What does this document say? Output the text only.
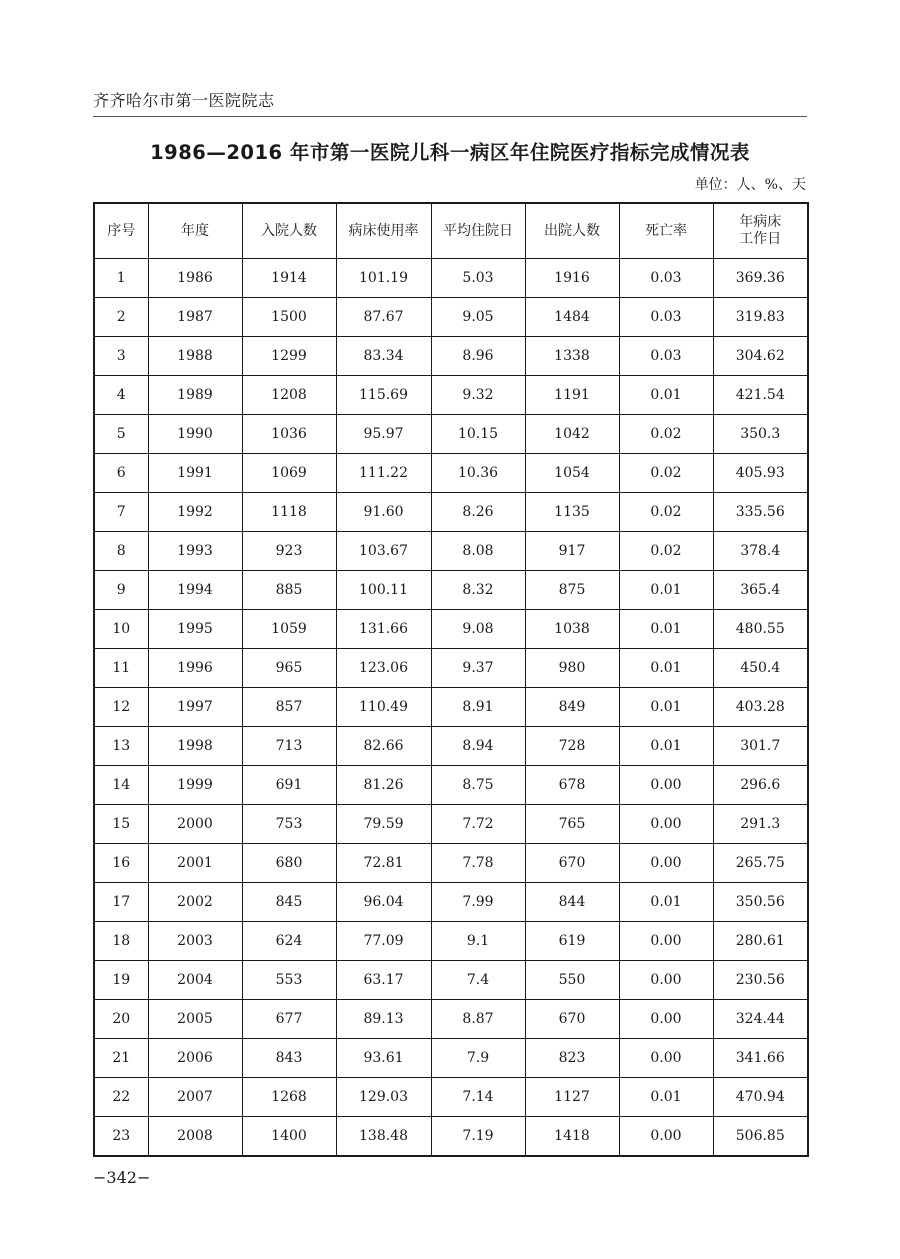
齐齐哈尔市第一医院院志
1986—2016 年市第一医院儿科一病区年住院医疗指标完成情况表
单位：人、%、天
序号	年度	入院人数	病床使用率	平均住院日	出院人数	死亡率	年病床
工作日
1	1986	1914	101.19	5.03	1916	0.03	369.36
2	1987	1500	87.67	9.05	1484	0.03	319.83
3	1988	1299	83.34	8.96	1338	0.03	304.62
4	1989	1208	115.69	9.32	1191	0.01	421.54
5	1990	1036	95.97	10.15	1042	0.02	350.3
6	1991	1069	111.22	10.36	1054	0.02	405.93
7	1992	1118	91.60	8.26	1135	0.02	335.56
8	1993	923	103.67	8.08	917	0.02	378.4
9	1994	885	100.11	8.32	875	0.01	365.4
10	1995	1059	131.66	9.08	1038	0.01	480.55
11	1996	965	123.06	9.37	980	0.01	450.4
12	1997	857	110.49	8.91	849	0.01	403.28
13	1998	713	82.66	8.94	728	0.01	301.7
14	1999	691	81.26	8.75	678	0.00	296.6
15	2000	753	79.59	7.72	765	0.00	291.3
16	2001	680	72.81	7.78	670	0.00	265.75
17	2002	845	96.04	7.99	844	0.01	350.56
18	2003	624	77.09	9.1	619	0.00	280.61
19	2004	553	63.17	7.4	550	0.00	230.56
20	2005	677	89.13	8.87	670	0.00	324.44
21	2006	843	93.61	7.9	823	0.00	341.66
22	2007	1268	129.03	7.14	1127	0.01	470.94
23	2008	1400	138.48	7.19	1418	0.00	506.85
−342−
